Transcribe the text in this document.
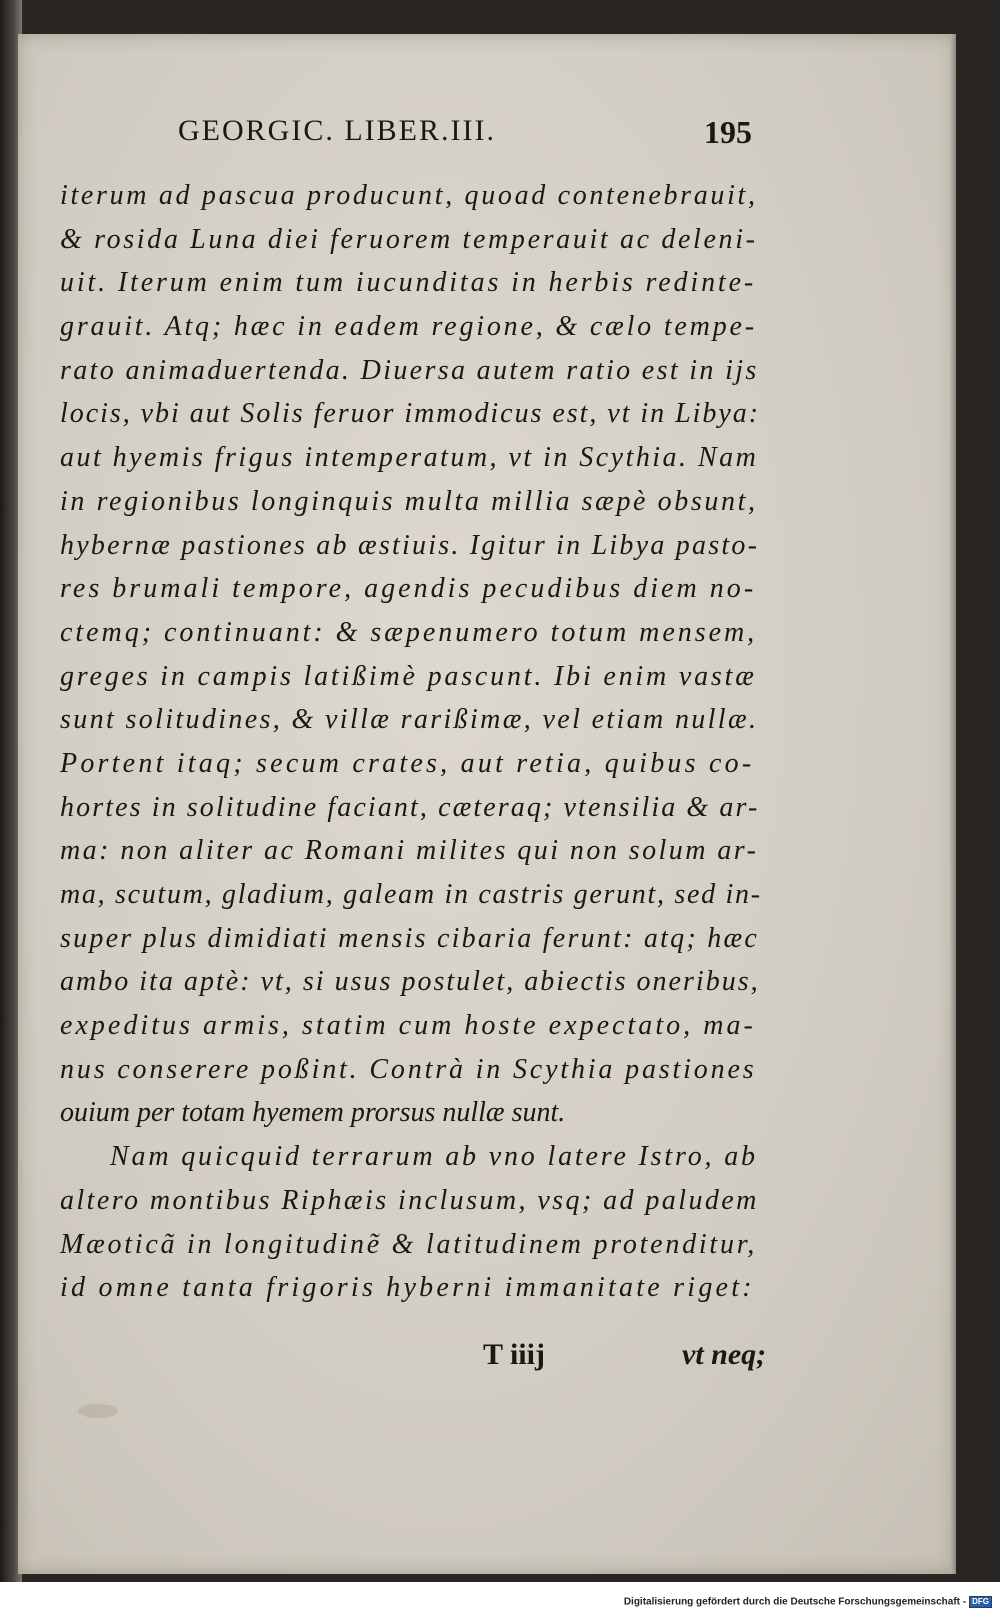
GEORGIC. LIBER.III.	195
iterum ad pascua producunt, quoad contenebrauit,
& rosida Luna diei feruorem temperauit ac deleni-
uit. Iterum enim tum iucunditas in herbis redinte-
grauit. Atq; hæc in eadem regione, & cælo tempe-
rato animaduertenda. Diuersa autem ratio est in ijs
locis, vbi aut Solis feruor immodicus est, vt in Libya:
aut hyemis frigus intemperatum, vt in Scythia. Nam
in regionibus longinquis multa millia sæpè obsunt,
hybernæ pastiones ab æstiuis. Igitur in Libya pasto-
res brumali tempore, agendis pecudibus diem no-
ctemq; continuant: & sæpenumero totum mensem,
greges in campis latißimè pascunt. Ibi enim vastæ
sunt solitudines, & villæ rarißimæ, vel etiam nullæ.
Portent itaq; secum crates, aut retia, quibus co-
hortes in solitudine faciant, cæteraq; vtensilia & ar-
ma: non aliter ac Romani milites qui non solum ar-
ma, scutum, gladium, galeam in castris gerunt, sed in-
super plus dimidiati mensis cibaria ferunt: atq; hæc
ambo ita aptè: vt, si usus postulet, abiectis oneribus,
expeditus armis, statim cum hoste expectato, ma-
nus conserere poßint. Contrà in Scythia pastiones
ouium per totam hyemem prorsus nullæ sunt.
Nam quicquid terrarum ab vno latere Istro, ab
altero montibus Riphæis inclusum, vsq; ad paludem
Mæoticã in longitudinẽ & latitudinem protenditur,
id omne tanta frigoris hyberni immanitate riget:
T iiij	vt neq;
Digitalisierung gefördert durch die Deutsche Forschungsgemeinschaft - DFG
